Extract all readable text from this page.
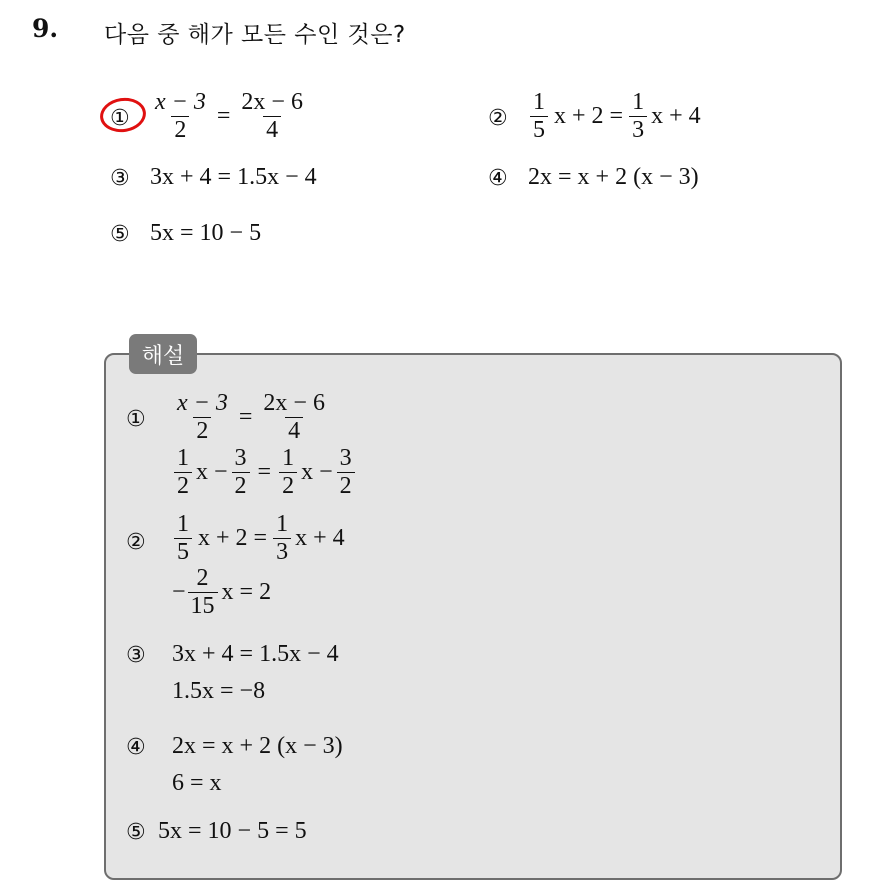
9. 다음 중 해가 모든 수인 것은?
① $\frac{x - 3}{2} = \frac{2x - 6}{4}$	② $\frac{1}{5}$ $x + 2 = \frac{1}{3}$ x + 4
③ 3x + 4 = 1.5x − 4	④ 2x = x + 2 (x − 3)
⑤ 5x = 10 − 5
해설
① $\frac{x - 3}{2} = \frac{2x - 6}{4}$
$\frac{1}{2}$ $x - \frac{3}{2} = \frac{1}{2}$ $x - \frac{3}{2}$
② $\frac{1}{5}$ $x + 2 = \frac{1}{3}$ x + 4
− $\frac{2}{15}$ x = 2
③ 3x + 4 = 1.5x − 4
1.5x = −8
④ 2x = x + 2 (x − 3)
6 = x
⑤ 5x = 10 − 5 = 5
